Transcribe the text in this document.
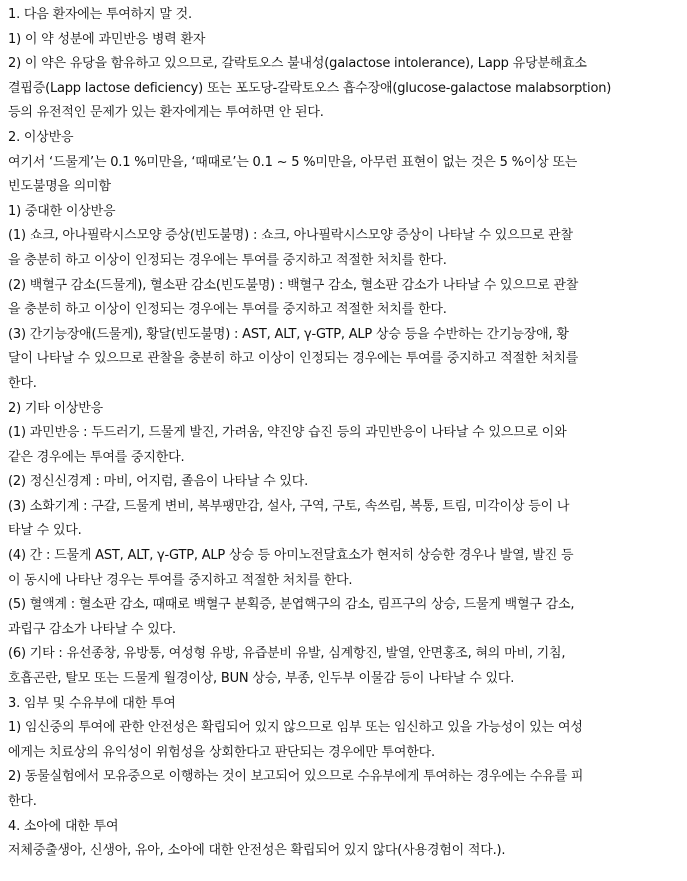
1. 다음 환자에는 투여하지 말 것.
1) 이 약 성분에 과민반응 병력 환자
2) 이 약은 유당을 함유하고 있으므로, 갈락토오스 불내성(galactose intolerance), Lapp 유당분해효소
결핍증(Lapp lactose deficiency) 또는 포도당-갈락토오스 흡수장애(glucose-galactose malabsorption)
등의 유전적인 문제가 있는 환자에게는 투여하면 안 된다.
2. 이상반응
여기서 ‘드물게’는 0.1 %미만을, ‘때때로’는 0.1 ~ 5 %미만을, 아무런 표현이 없는 것은 5 %이상 또는
빈도불명을 의미함
1) 중대한 이상반응
(1) 쇼크, 아나필락시스모양 증상(빈도불명) : 쇼크, 아나필락시스모양 증상이 나타날 수 있으므로 관찰
을 충분히 하고 이상이 인정되는 경우에는 투여를 중지하고 적절한 처치를 한다.
(2) 백혈구 감소(드물게), 혈소판 감소(빈도불명) : 백혈구 감소, 혈소판 감소가 나타날 수 있으므로 관찰
을 충분히 하고 이상이 인정되는 경우에는 투여를 중지하고 적절한 처치를 한다.
(3) 간기능장애(드물게), 황달(빈도불명) : AST, ALT, γ-GTP, ALP 상승 등을 수반하는 간기능장애, 황
달이 나타날 수 있으므로 관찰을 충분히 하고 이상이 인정되는 경우에는 투여를 중지하고 적절한 처치를
한다.
2) 기타 이상반응
(1) 과민반응 : 두드러기, 드물게 발진, 가려움, 약진양 습진 등의 과민반응이 나타날 수 있으므로 이와
같은 경우에는 투여를 중지한다.
(2) 정신신경계 : 마비, 어지럼, 졸음이 나타날 수 있다.
(3) 소화기계 : 구갈, 드물게 변비, 복부팽만감, 설사, 구역, 구토, 속쓰림, 복통, 트림, 미각이상 등이 나
타날 수 있다.
(4) 간 : 드물게 AST, ALT, γ-GTP, ALP 상승 등 아미노전달효소가 현저히 상승한 경우나 발열, 발진 등
이 동시에 나타난 경우는 투여를 중지하고 적절한 처치를 한다.
(5) 혈액계 : 혈소판 감소, 때때로 백혈구 분획증, 분엽핵구의 감소, 림프구의 상승, 드물게 백혈구 감소,
과립구 감소가 나타날 수 있다.
(6) 기타 : 유선종창, 유방통, 여성형 유방, 유즙분비 유발, 심계항진, 발열, 안면홍조, 혀의 마비, 기침,
호흡곤란, 탈모 또는 드물게 월경이상, BUN 상승, 부종, 인두부 이물감 등이 나타날 수 있다.
3. 임부 및 수유부에 대한 투여
1) 임신중의 투여에 관한 안전성은 확립되어 있지 않으므로 임부 또는 임신하고 있을 가능성이 있는 여성
에게는 치료상의 유익성이 위험성을 상회한다고 판단되는 경우에만 투여한다.
2) 동물실험에서 모유중으로 이행하는 것이 보고되어 있으므로 수유부에게 투여하는 경우에는 수유를 피
한다.
4. 소아에 대한 투여
저체중출생아, 신생아, 유아, 소아에 대한 안전성은 확립되어 있지 않다(사용경험이 적다.).
